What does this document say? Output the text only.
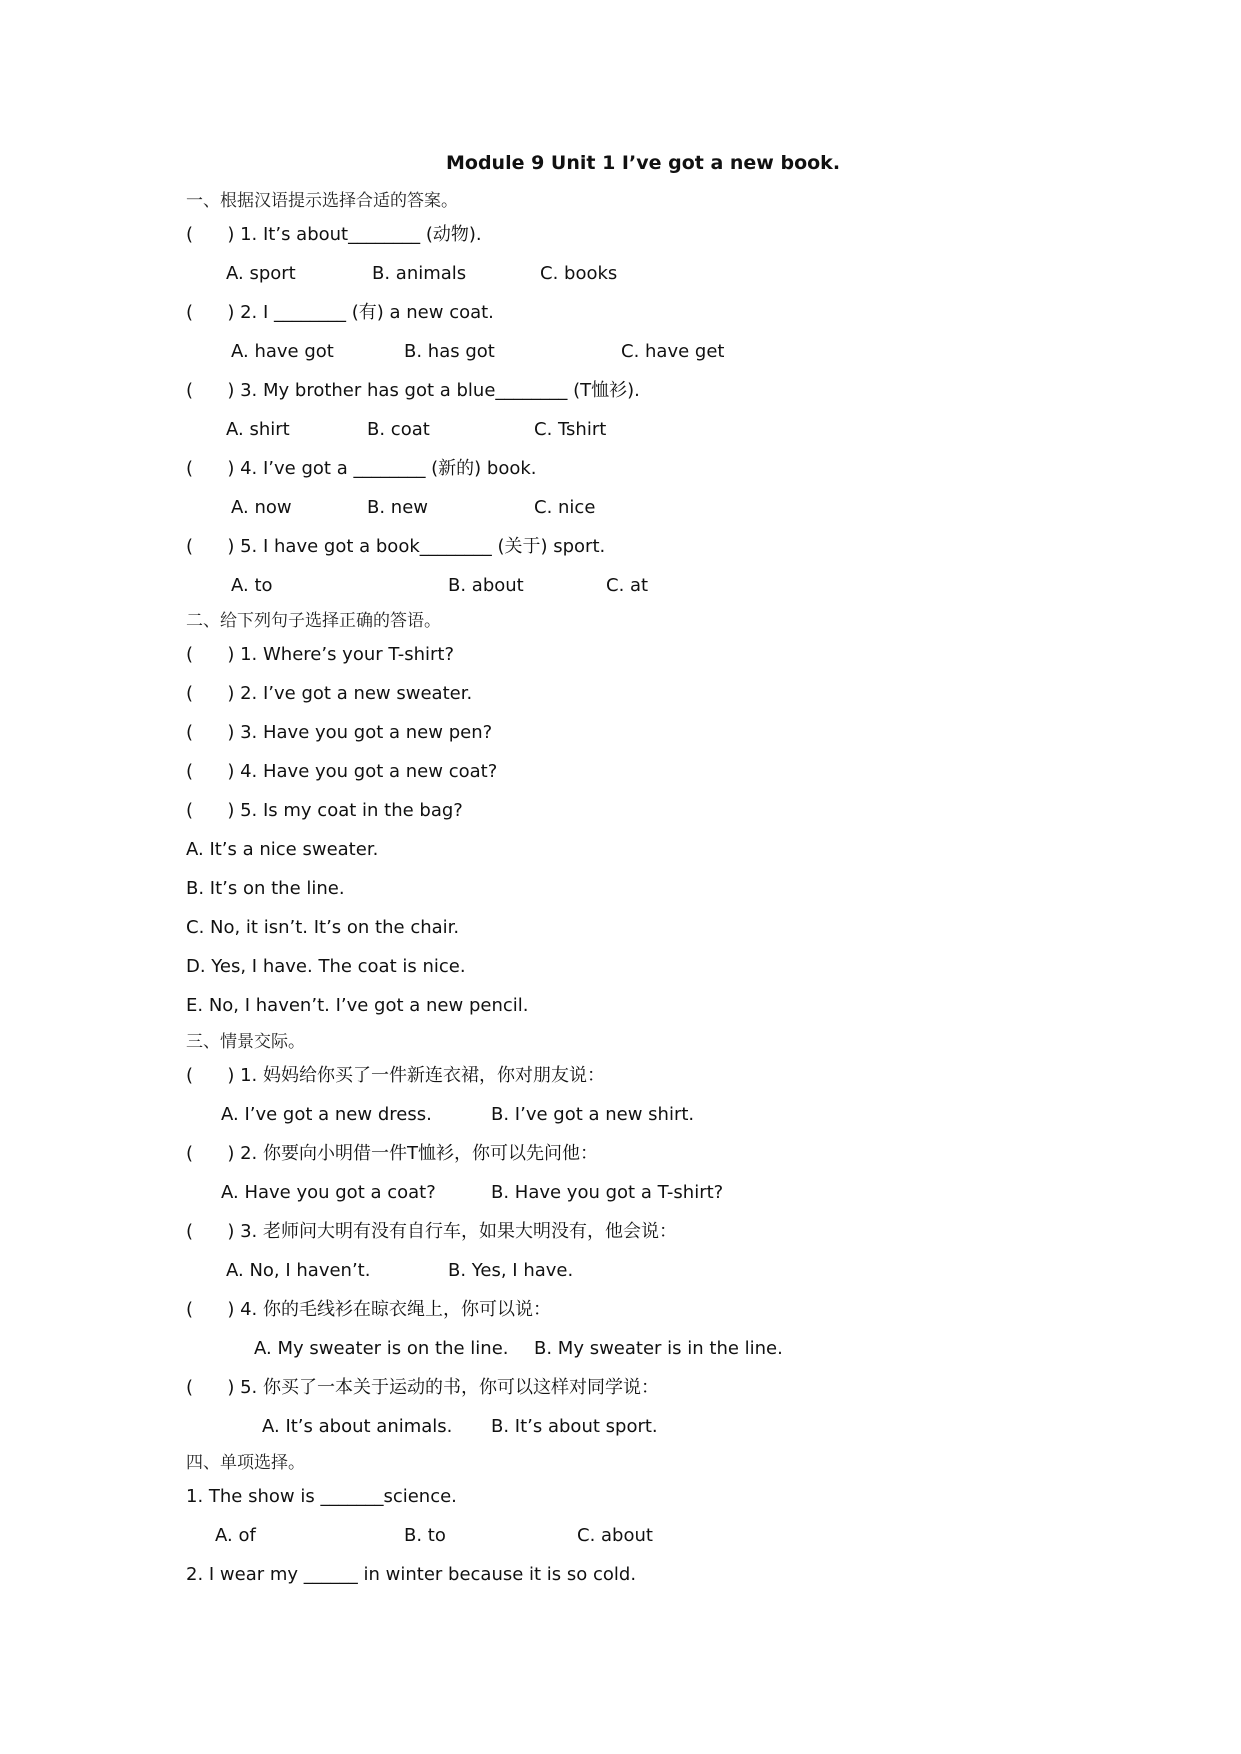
Module 9 Unit 1 I’ve got a new book.
一、根据汉语提示选择合适的答案。
(      ) 1. It’s about________ (动物).
A. sport	B. animals	C. books
(      ) 2. I ________ (有) a new coat.
A. have got	B. has got	C. have get
(      ) 3. My brother has got a blue________ (T恤衫).
A. shirt	B. coat	C. Tshirt
(      ) 4. I’ve got a ________ (新的) book.
A. now	B. new	C. nice
(      ) 5. I have got a book________ (关于) sport.
A. to	B. about	C. at
二、给下列句子选择正确的答语。
(      ) 1. Where’s your T-shirt?
(      ) 2. I’ve got a new sweater.
(      ) 3. Have you got a new pen?
(      ) 4. Have you got a new coat?
(      ) 5. Is my coat in the bag?
A. It’s a nice sweater.
B. It’s on the line.
C. No, it isn’t. It’s on the chair.
D. Yes, I have. The coat is nice.
E. No, I haven’t. I’ve got a new pencil.
三、情景交际。
(      ) 1. 妈妈给你买了一件新连衣裙，你对朋友说：
A. I’ve got a new dress.	B. I’ve got a new shirt.
(      ) 2. 你要向小明借一件T恤衫，你可以先问他：
A. Have you got a coat?	B. Have you got a T-shirt?
(      ) 3. 老师问大明有没有自行车，如果大明没有，他会说：
A. No, I haven’t.	B. Yes, I have.
(      ) 4. 你的毛线衫在晾衣绳上，你可以说：
A. My sweater is on the line. B. My sweater is in the line.
(      ) 5. 你买了一本关于运动的书，你可以这样对同学说：
A. It’s about animals. B. It’s about sport.
四、单项选择。
1. The show is _______science.
A. of	B. to	C. about
2. I wear my ______ in winter because it is so cold.
